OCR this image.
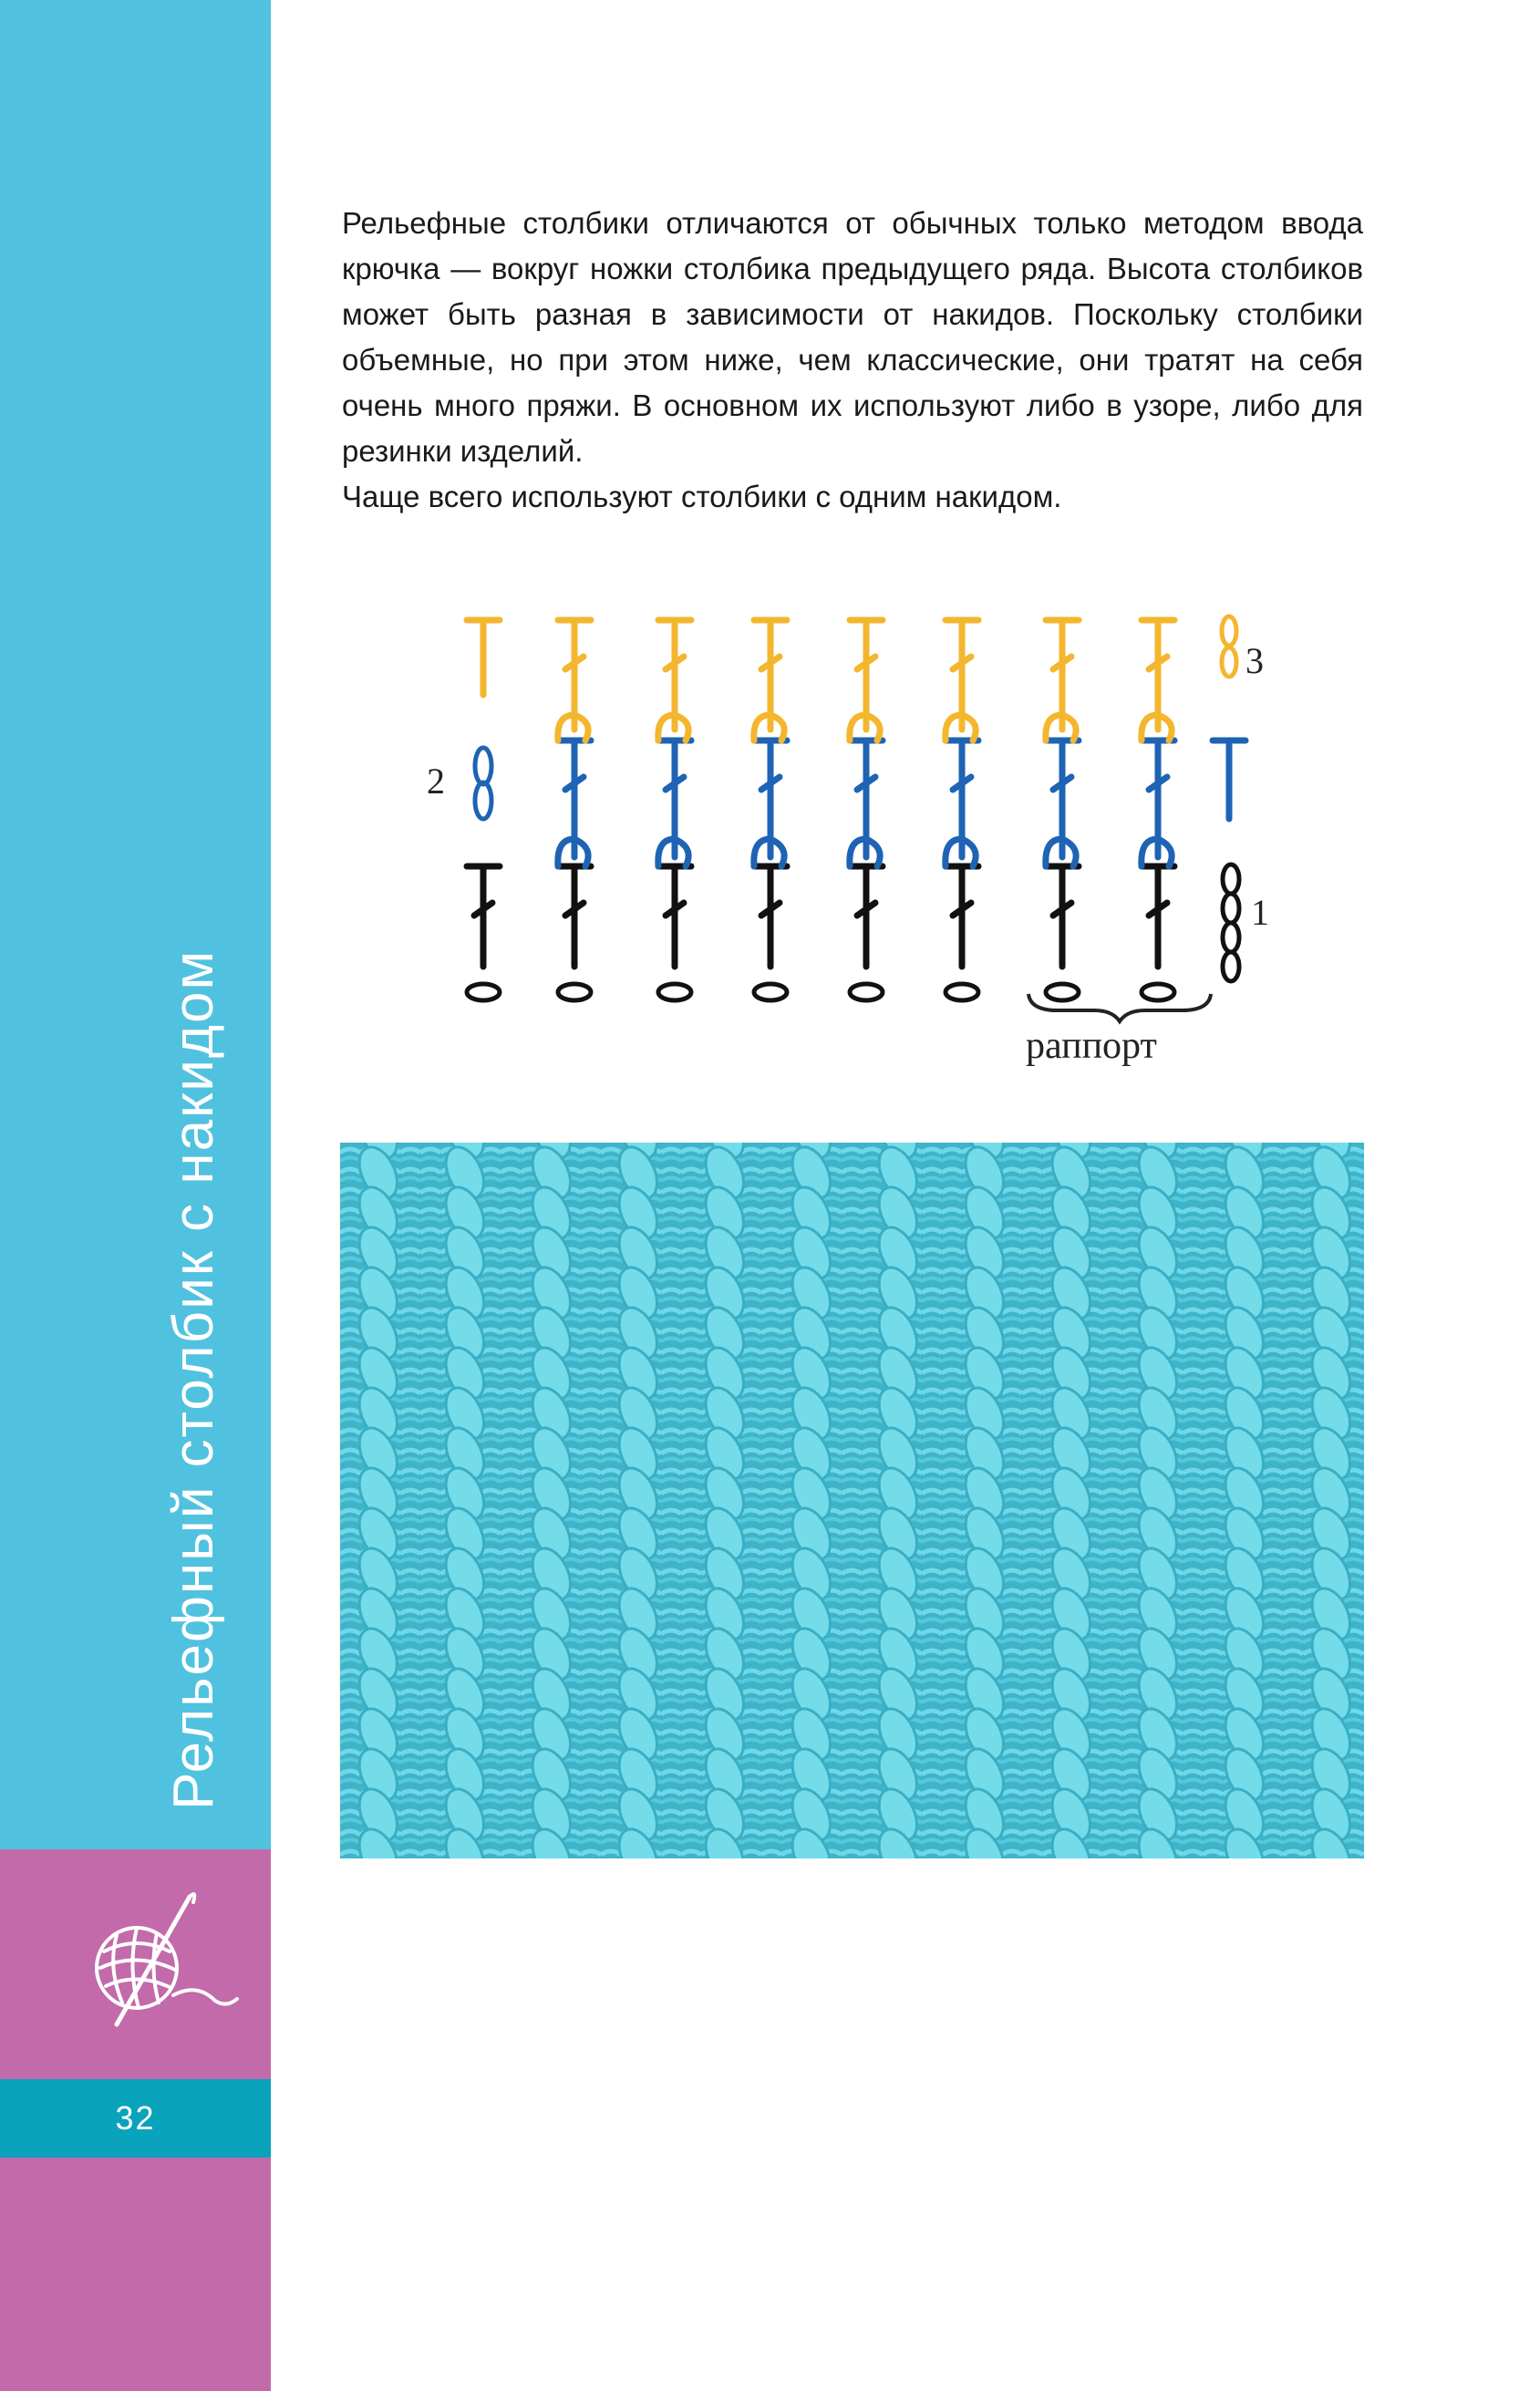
Рельефный столбик с накидом
32

Рельефные столбики отличаются от обычных только методом ввода крючка — вокруг ножки столбика предыдущего ряда. Высота столбиков может быть разная в зависимости от накидов. Поскольку столбики объемные, но при этом ниже, чем классические, они тратят на себя очень много пряжи. В основном их используют либо в узоре, либо для резинки изделий.

Чаще всего используют столбики с одним накидом.

2
3
1
раппорт
